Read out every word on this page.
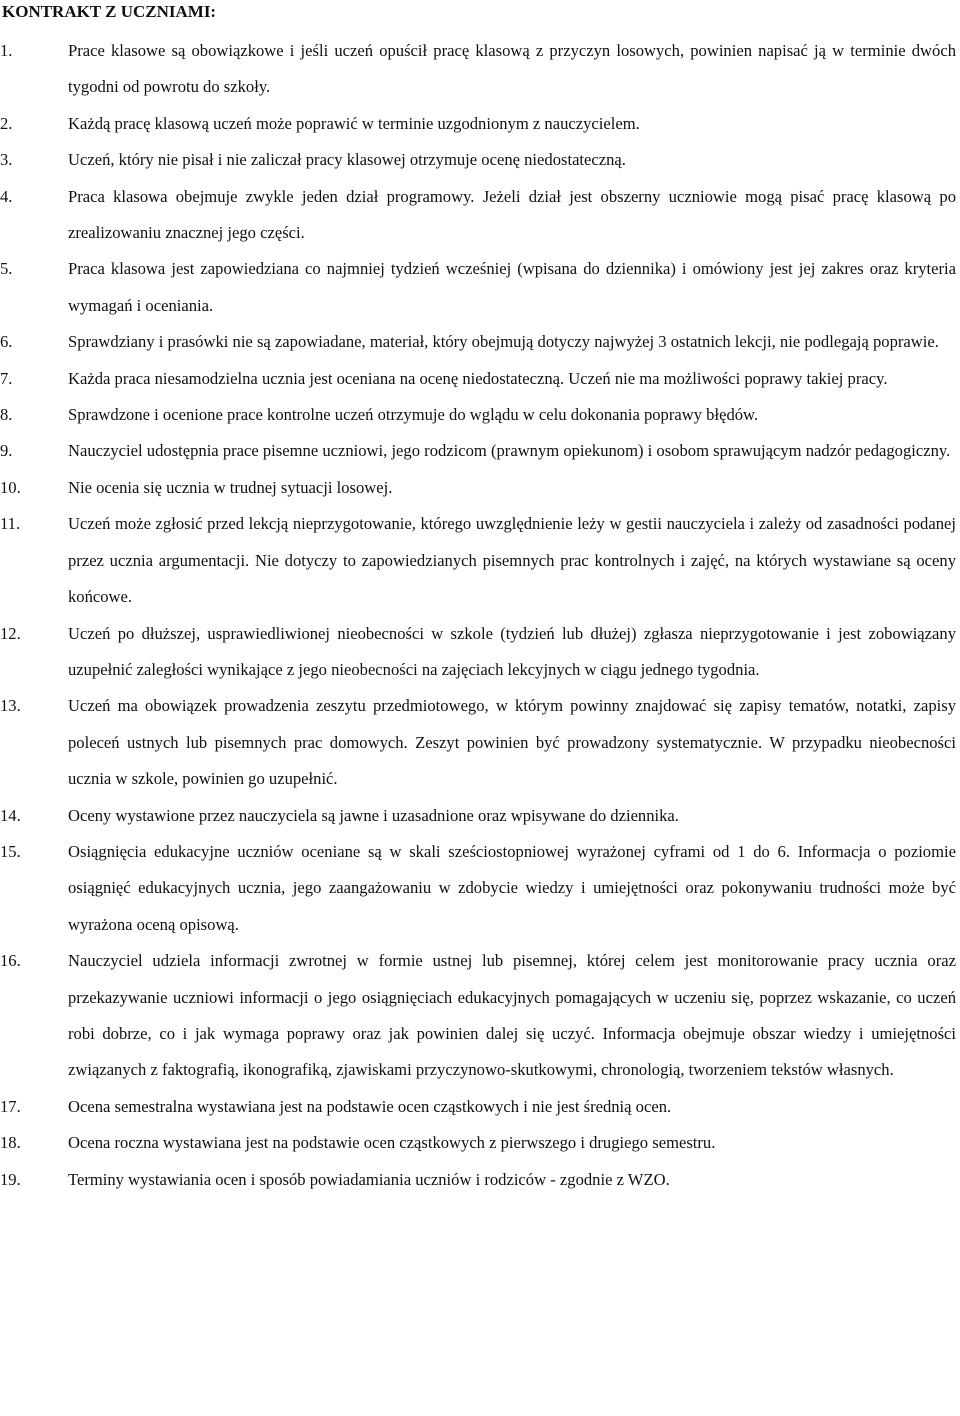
KONTRAKT Z UCZNIAMI:
1.	Prace klasowe są obowiązkowe i jeśli uczeń opuścił pracę klasową z przyczyn losowych, powinien napisać ją w terminie dwóch tygodni od powrotu do szkoły.
2.	Każdą pracę klasową uczeń może poprawić w terminie uzgodnionym z nauczycielem.
3.	Uczeń, który nie pisał i nie zaliczał pracy klasowej otrzymuje ocenę niedostateczną.
4.	Praca klasowa obejmuje zwykle jeden dział programowy. Jeżeli dział jest obszerny uczniowie mogą pisać pracę klasową po zrealizowaniu znacznej jego części.
5.	Praca klasowa jest zapowiedziana co najmniej tydzień wcześniej (wpisana do dziennika) i omówiony jest jej zakres oraz kryteria wymagań i oceniania.
6.	Sprawdziany i prasówki nie są zapowiadane, materiał, który obejmują dotyczy najwyżej 3 ostatnich lekcji, nie podlegają poprawie.
7.	Każda praca niesamodzielna ucznia jest oceniana na ocenę niedostateczną. Uczeń nie ma możliwości poprawy takiej pracy.
8.	Sprawdzone i ocenione prace kontrolne uczeń otrzymuje do wglądu w celu dokonania poprawy błędów.
9.	Nauczyciel udostępnia prace pisemne uczniowi, jego rodzicom (prawnym opiekunom) i osobom sprawującym nadzór pedagogiczny.
10.	Nie ocenia się ucznia w trudnej sytuacji losowej.
11.	Uczeń może zgłosić przed lekcją nieprzygotowanie, którego uwzględnienie leży w gestii nauczyciela i zależy od zasadności podanej przez ucznia argumentacji. Nie dotyczy to zapowiedzianych pisemnych prac kontrolnych i zajęć, na których wystawiane są oceny końcowe.
12.	Uczeń po dłuższej, usprawiedliwionej nieobecności w szkole (tydzień lub dłużej) zgłasza nieprzygotowanie i jest zobowiązany uzupełnić zaległości wynikające z jego nieobecności na zajęciach lekcyjnych w ciągu jednego tygodnia.
13.	Uczeń ma obowiązek prowadzenia zeszytu przedmiotowego, w którym powinny znajdować się zapisy tematów, notatki, zapisy poleceń ustnych lub pisemnych prac domowych. Zeszyt powinien być prowadzony systematycznie. W przypadku nieobecności ucznia w szkole, powinien go uzupełnić.
14.	Oceny wystawione przez nauczyciela są jawne i uzasadnione oraz wpisywane do dziennika.
15.	Osiągnięcia edukacyjne uczniów oceniane są w skali sześciostopniowej wyrażonej cyframi od 1 do 6. Informacja o poziomie osiągnięć edukacyjnych ucznia, jego zaangażowaniu w zdobycie wiedzy i umiejętności oraz pokonywaniu trudności może być wyrażona oceną opisową.
16.	Nauczyciel udziela informacji zwrotnej w formie ustnej lub pisemnej, której celem jest monitorowanie pracy ucznia oraz przekazywanie uczniowi informacji o jego osiągnięciach edukacyjnych pomagających w uczeniu się, poprzez wskazanie, co uczeń robi dobrze, co i jak wymaga poprawy oraz jak powinien dalej się uczyć. Informacja obejmuje obszar wiedzy i umiejętności związanych z faktografią, ikonografiką, zjawiskami przyczynowo-skutkowymi, chronologią, tworzeniem tekstów własnych.
17.	Ocena semestralna wystawiana jest na podstawie ocen cząstkowych i nie jest średnią ocen.
18.	Ocena roczna wystawiana jest na podstawie ocen cząstkowych z pierwszego i drugiego semestru.
19.	Terminy wystawiania ocen i sposób powiadamiania uczniów i rodziców - zgodnie z WZO.
